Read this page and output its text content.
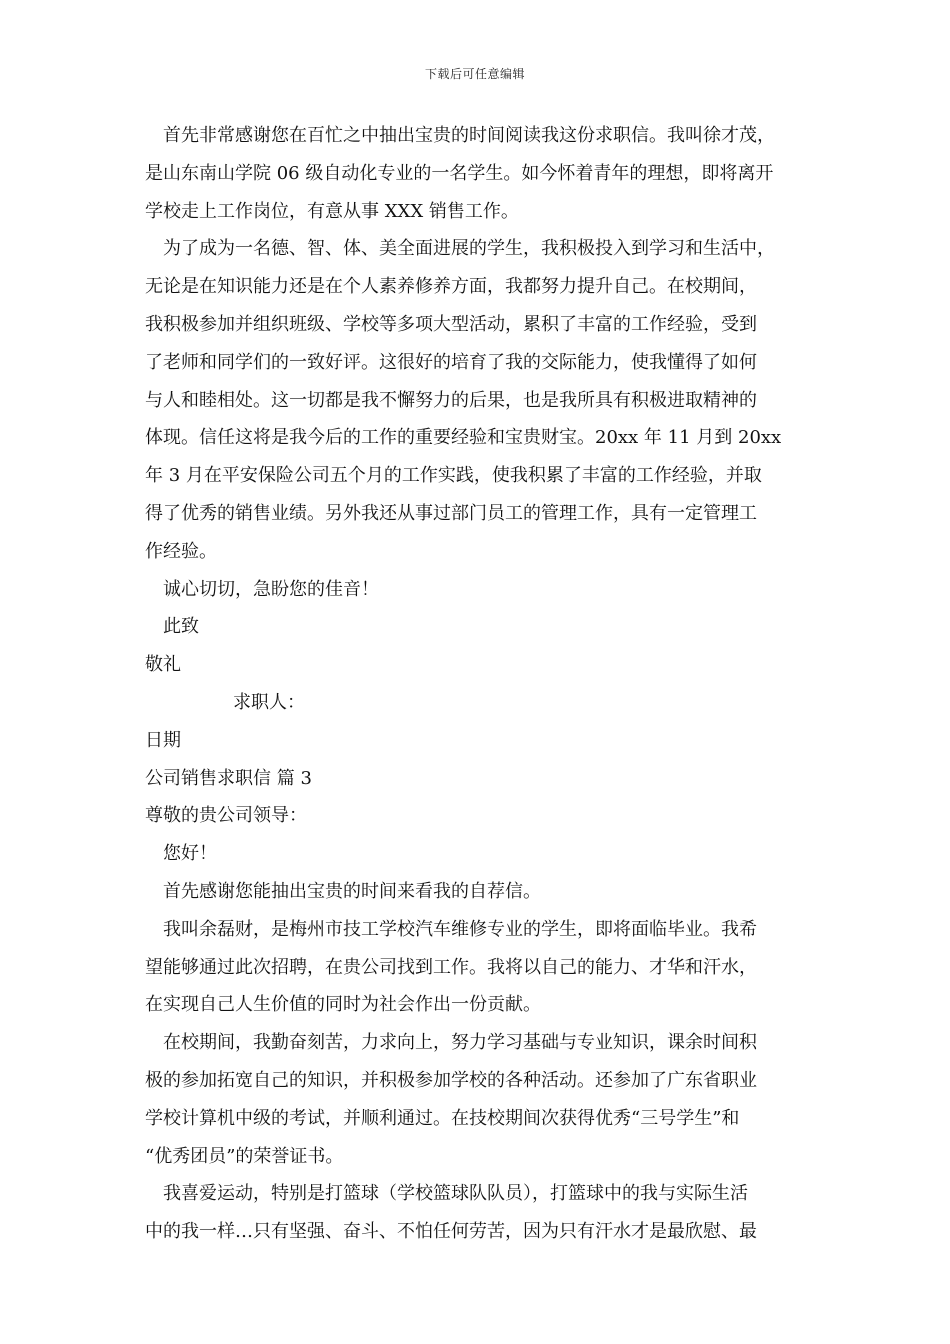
下载后可任意编辑
首先非常感谢您在百忙之中抽出宝贵的时间阅读我这份求职信。我叫徐才茂，
是山东南山学院 06 级自动化专业的一名学生。如今怀着青年的理想，即将离开
学校走上工作岗位，有意从事 XXX 销售工作。
为了成为一名德、智、体、美全面进展的学生，我积极投入到学习和生活中，
无论是在知识能力还是在个人素养修养方面，我都努力提升自己。在校期间，
我积极参加并组织班级、学校等多项大型活动，累积了丰富的工作经验，受到
了老师和同学们的一致好评。这很好的培育了我的交际能力，使我懂得了如何
与人和睦相处。这一切都是我不懈努力的后果，也是我所具有积极进取精神的
体现。信任这将是我今后的工作的重要经验和宝贵财宝。20xx 年 11 月到 20xx
年 3 月在平安保险公司五个月的工作实践，使我积累了丰富的工作经验，并取
得了优秀的销售业绩。另外我还从事过部门员工的管理工作，具有一定管理工
作经验。
诚心切切，急盼您的佳音！
此致
敬礼
求职人：
日期
公司销售求职信 篇 3
尊敬的贵公司领导：
您好！
首先感谢您能抽出宝贵的时间来看我的自荐信。
我叫余磊财，是梅州市技工学校汽车维修专业的学生，即将面临毕业。我希
望能够通过此次招聘，在贵公司找到工作。我将以自己的能力、才华和汗水，
在实现自己人生价值的同时为社会作出一份贡献。
在校期间，我勤奋刻苦，力求向上，努力学习基础与专业知识，课余时间积
极的参加拓宽自己的知识，并积极参加学校的各种活动。还参加了广东省职业
学校计算机中级的考试，并顺利通过。在技校期间次获得优秀“三号学生”和
“优秀团员”的荣誉证书。
我喜爱运动，特别是打篮球（学校篮球队队员），打篮球中的我与实际生活
中的我一样…只有坚强、奋斗、不怕任何劳苦，因为只有汗水才是最欣慰、最
